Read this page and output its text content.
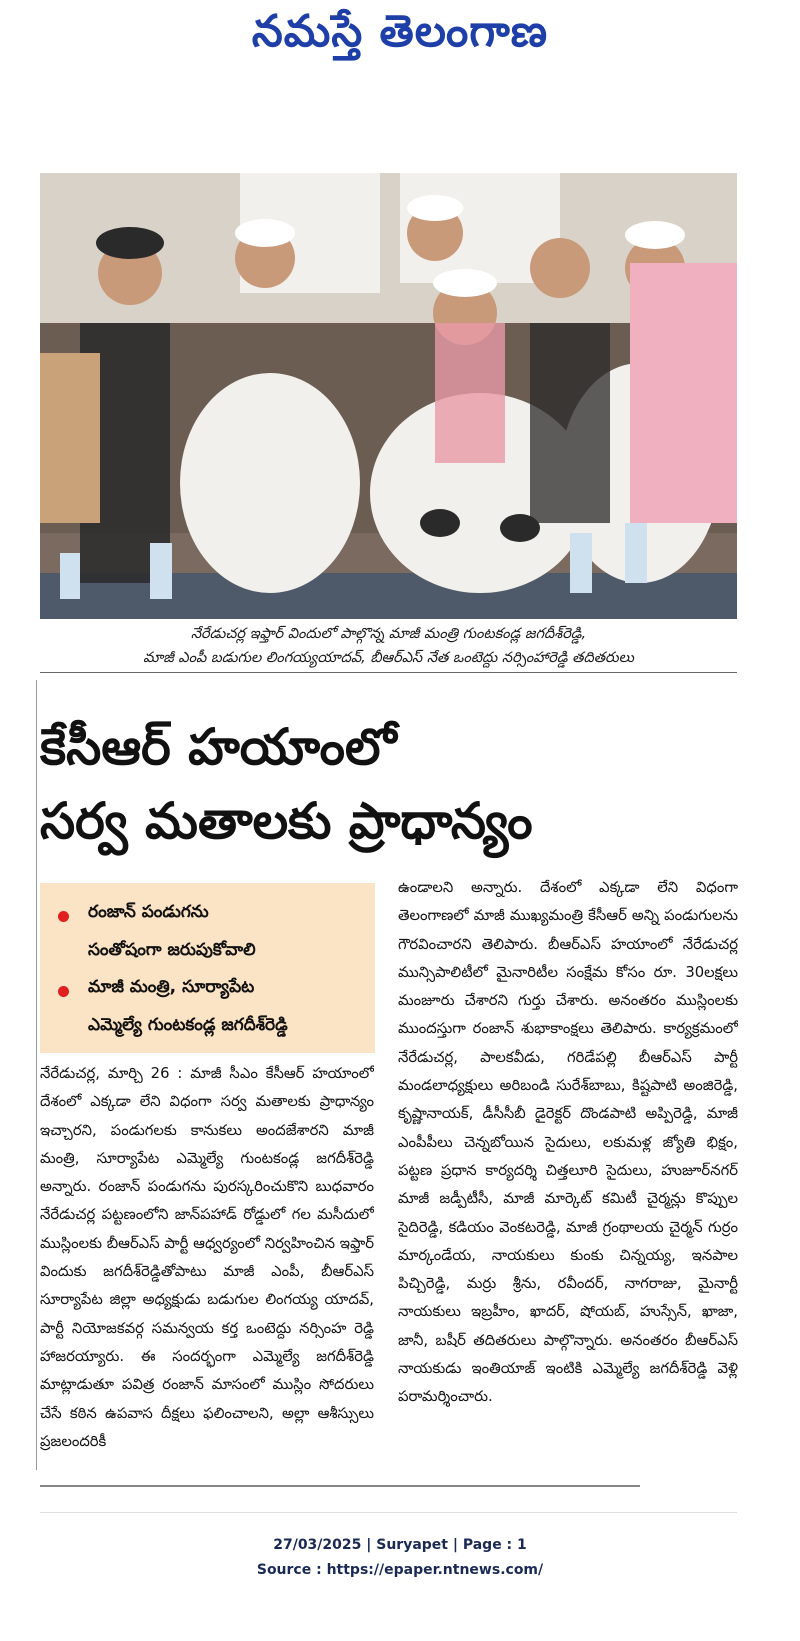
నమస్తే తెలంగాణ
నేరేడుచర్ల ఇఫ్తార్ విందులో పాల్గొన్న మాజీ మంత్రి గుంటకండ్ల జగదీశ్‌రెడ్డి,
మాజీ ఎంపీ బడుగుల లింగయ్యయాదవ్, బీఆర్‌ఎస్ నేత ఒంటెద్దు నర్సింహారెడ్డి తదితరులు
కేసీఆర్ హయాంలో
సర్వ మతాలకు ప్రాధాన్యం
రంజాన్ పండుగను
సంతోషంగా జరుపుకోవాలి
మాజీ మంత్రి, సూర్యాపేట
ఎమ్మెల్యే గుంటకండ్ల జగదీశ్‌రెడ్డి

నేరేడుచర్ల, మార్చి 26 : మాజీ సీఎం కేసీఆర్ హయాంలో దేశంలో ఎక్కడా లేని విధంగా సర్వ మతాలకు ప్రాధాన్యం ఇచ్చారని, పండుగలకు కానుకలు అందజేశారని మాజీ మంత్రి, సూర్యాపేట ఎమ్మెల్యే గుంటకండ్ల జగదీశ్‌రెడ్డి అన్నారు. రంజాన్ పండుగను పురస్కరించుకొని బుధవారం నేరేడుచర్ల పట్టణంలోని జాన్‌పహాడ్ రోడ్డులో గల మసీదులో ముస్లింలకు బీఆర్‌ఎస్ పార్టీ ఆధ్వర్యంలో నిర్వహించిన ఇఫ్తార్ విందుకు జగదీశ్‌రెడ్డితోపాటు మాజీ ఎంపీ, బీఆర్‌ఎస్ సూర్యాపేట జిల్లా అధ్యక్షుడు బడుగుల లింగయ్య యాదవ్, పార్టీ నియోజకవర్గ సమన్వయ కర్త ఒంటెద్దు నర్సింహ రెడ్డి హాజరయ్యారు. ఈ సందర్భంగా ఎమ్మెల్యే జగదీశ్‌రెడ్డి మాట్లాడుతూ పవిత్ర రంజాన్ మాసంలో ముస్లిం సోదరులు చేసే కఠిన ఉపవాస దీక్షలు ఫలించాలని, అల్లా ఆశీస్సులు ప్రజలందరికీ

ఉండాలని అన్నారు. దేశంలో ఎక్కడా లేని విధంగా తెలంగాణలో మాజీ ముఖ్యమంత్రి కేసీఆర్ అన్ని పండుగులను గౌరవించారని తెలిపారు. బీఆర్‌ఎస్ హయాంలో నేరేడుచర్ల మున్సిపాలిటీలో మైనారిటీల సంక్షేమ కోసం రూ. 30లక్షలు మంజూరు చేశారని గుర్తు చేశారు. అనంతరం ముస్లింలకు ముందస్తుగా రంజాన్ శుభాకాంక్షలు తెలిపారు. కార్యక్రమంలో నేరేడుచర్ల, పాలకవీడు, గరిడేపల్లి బీఆర్‌ఎస్ పార్టీ మండలాధ్యక్షులు అరిబండి సురేశ్‌బాబు, కిష్టపాటి అంజిరెడ్డి, కృష్ణానాయక్, డీసీసీబీ డైరెక్టర్ దొండపాటి అప్పిరెడ్డి, మాజీ ఎంపీపీలు చెన్నబోయిన సైదులు, లకుమళ్ల జ్యోతి భిక్షం, పట్టణ ప్రధాన కార్యదర్శి చిత్తలూరి సైదులు, హుజూర్‌నగర్ మాజీ జడ్పీటీసీ, మాజీ మార్కెట్ కమిటీ చైర్మన్లు కొప్పుల సైదిరెడ్డి, కడియం వెంకటరెడ్డి, మాజీ గ్రంథాలయ చైర్మన్ గుర్రం మార్కండేయ, నాయకులు కుంకు చిన్నయ్య, ఇనపాల పిచ్చిరెడ్డి, మర్రు శ్రీను, రవీందర్, నాగరాజు, మైనార్టీ నాయకులు ఇబ్రహీం, ఖాదర్, షోయబ్, హుస్సేన్, ఖాజా, జానీ, బషీర్ తదితరులు పాల్గొన్నారు. అనంతరం బీఆర్‌ఎస్ నాయకుడు ఇంతియాజ్ ఇంటికి ఎమ్మెల్యే జగదీశ్‌రెడ్డి వెళ్లి పరామర్శించారు.

27/03/2025 | Suryapet | Page : 1
Source : https://epaper.ntnews.com/
